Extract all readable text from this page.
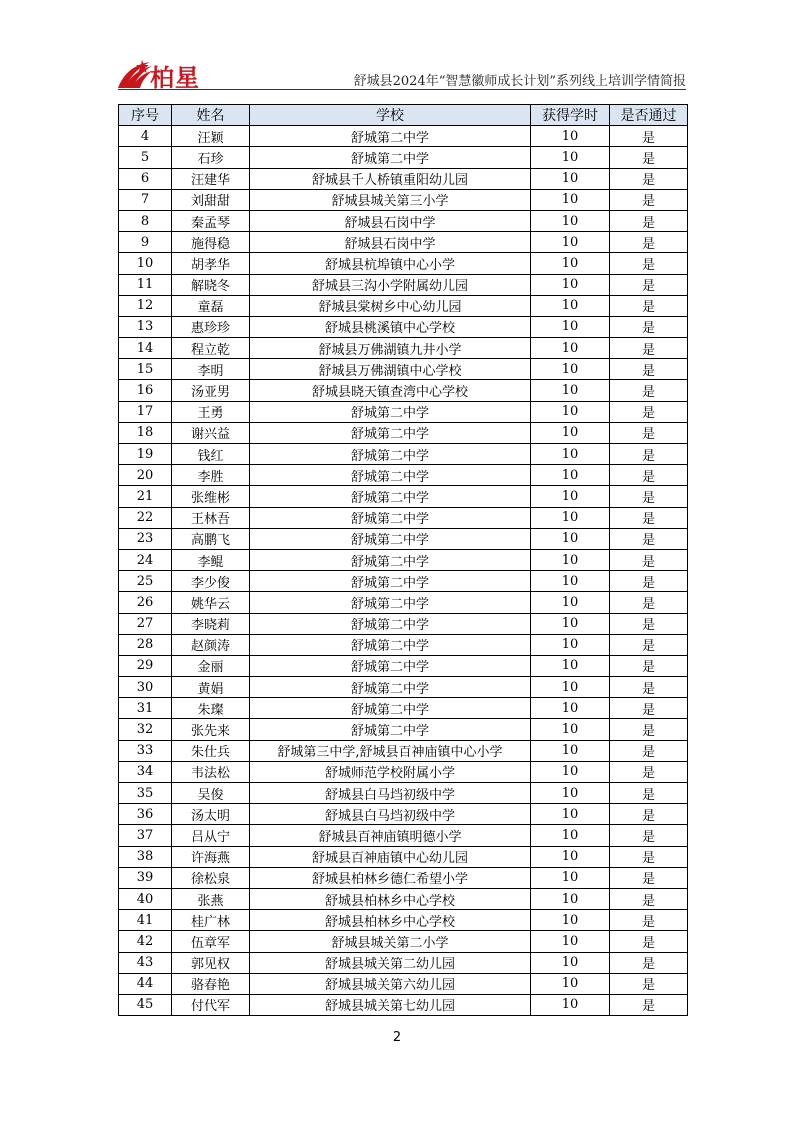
柏星	舒城县2024年“智慧徽师成长计划”系列线上培训学情简报
序号	姓名	学校	获得学时	是否通过
4	汪颖	舒城第二中学	10	是
5	石珍	舒城第二中学	10	是
6	汪建华	舒城县千人桥镇重阳幼儿园	10	是
7	刘甜甜	舒城县城关第三小学	10	是
8	秦孟琴	舒城县石岗中学	10	是
9	施得稳	舒城县石岗中学	10	是
10	胡孝华	舒城县杭埠镇中心小学	10	是
11	解晓冬	舒城县三沟小学附属幼儿园	10	是
12	童磊	舒城县棠树乡中心幼儿园	10	是
13	惠珍珍	舒城县桃溪镇中心学校	10	是
14	程立乾	舒城县万佛湖镇九井小学	10	是
15	李明	舒城县万佛湖镇中心学校	10	是
16	汤亚男	舒城县晓天镇查湾中心学校	10	是
17	王勇	舒城第二中学	10	是
18	谢兴益	舒城第二中学	10	是
19	钱红	舒城第二中学	10	是
20	李胜	舒城第二中学	10	是
21	张维彬	舒城第二中学	10	是
22	王林吾	舒城第二中学	10	是
23	高鹏飞	舒城第二中学	10	是
24	李鲲	舒城第二中学	10	是
25	李少俊	舒城第二中学	10	是
26	姚华云	舒城第二中学	10	是
27	李晓莉	舒城第二中学	10	是
28	赵颜涛	舒城第二中学	10	是
29	金丽	舒城第二中学	10	是
30	黄娟	舒城第二中学	10	是
31	朱璨	舒城第二中学	10	是
32	张先来	舒城第二中学	10	是
33	朱仕兵	舒城第三中学,舒城县百神庙镇中心小学	10	是
34	韦法松	舒城师范学校附属小学	10	是
35	吴俊	舒城县白马垱初级中学	10	是
36	汤太明	舒城县白马垱初级中学	10	是
37	吕从宁	舒城县百神庙镇明德小学	10	是
38	许海燕	舒城县百神庙镇中心幼儿园	10	是
39	徐松泉	舒城县柏林乡德仁希望小学	10	是
40	张燕	舒城县柏林乡中心学校	10	是
41	桂广林	舒城县柏林乡中心学校	10	是
42	伍章军	舒城县城关第二小学	10	是
43	郭见权	舒城县城关第二幼儿园	10	是
44	骆春艳	舒城县城关第六幼儿园	10	是
45	付代军	舒城县城关第七幼儿园	10	是
2
